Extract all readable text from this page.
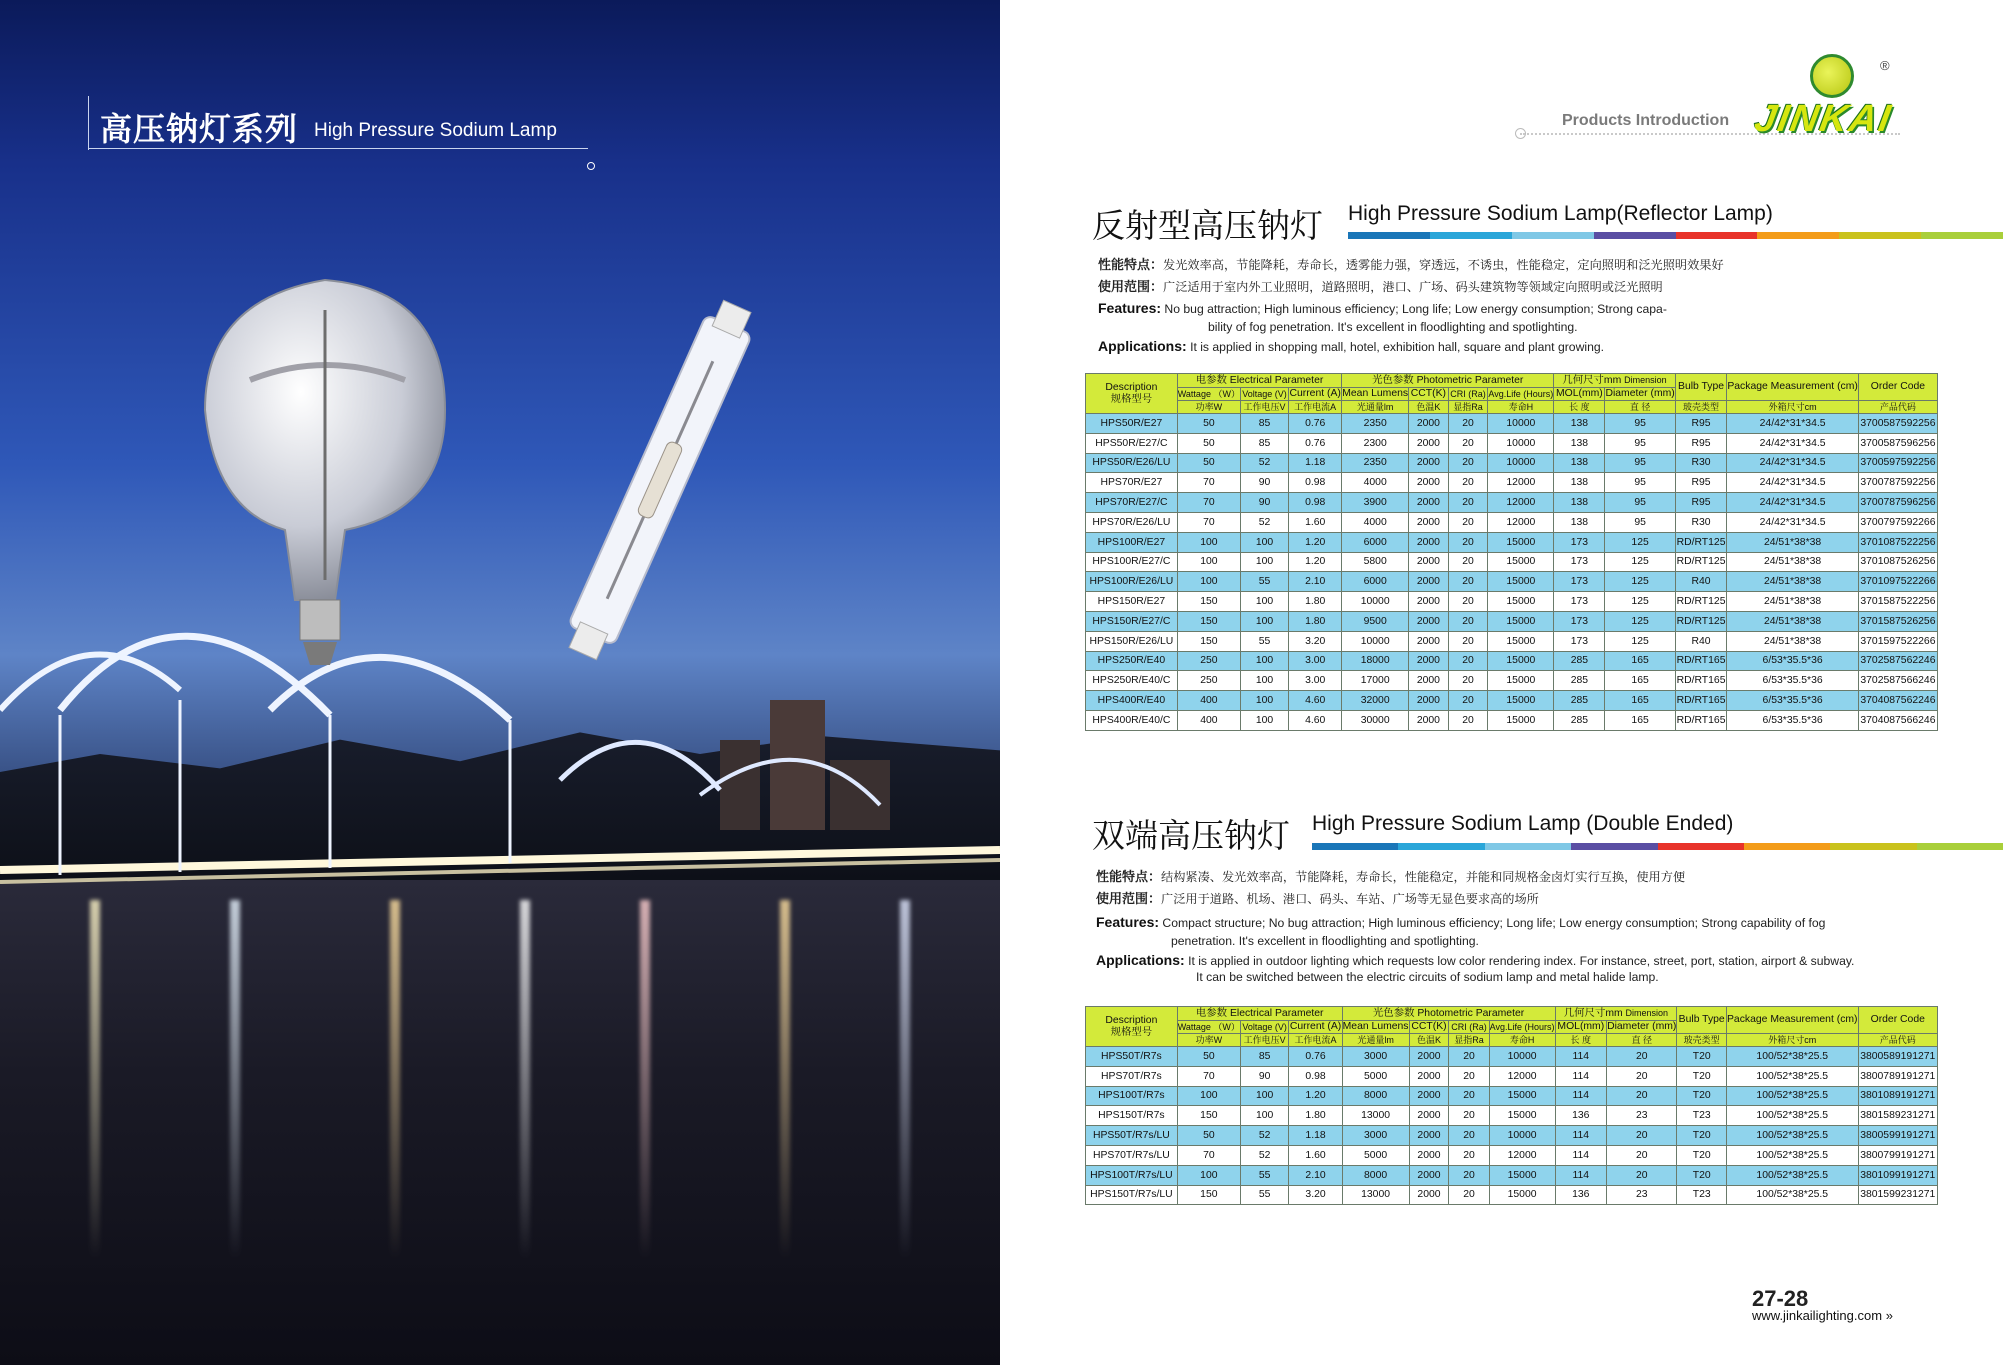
高压钠灯系列 High Pressure Sodium Lamp	Products Introduction JINKAI
®
反射型高压钠灯 High Pressure Sodium Lamp(Reflector Lamp)
性能特点：发光效率高，节能降耗，寿命长，透雾能力强，穿透远，不诱虫，性能稳定，定向照明和泛光照明效果好
使用范围：广泛适用于室内外工业照明，道路照明，港口、广场、码头建筑物等领域定向照明或泛光照明
Features: No bug attraction; High luminous efficiency; Long life; Low energy consumption; Strong capa-
bility of fog penetration. It's excellent in floodlighting and spotlighting.
Applications: It is applied in shopping mall, hotel, exhibition hall, square and plant growing.
Description
规格型号	电参数 Electrical Parameter			光色参数 Photometric Parameter				几何尺寸mm Dimension		Bulb Type	Package Measurement (cm)	Order Code
	Wattage （W）	Voltage (V)	Current (A)	Mean Lumens	CCT(K)	CRI (Ra)	Avg.Life (Hours)	MOL(mm)	Diameter (mm)			
	功率W	工作电压V	工作电流A	光通量lm	色温K	显指Ra	寿命H	长 度	直 径	玻壳类型	外箱尺寸cm	产品代码
HPS50R/E27	50	85	0.76	2350	2000	20	10000	138	95	R95	24/42*31*34.5	3700587592256
HPS50R/E27/C	50	85	0.76	2300	2000	20	10000	138	95	R95	24/42*31*34.5	3700587596256
HPS50R/E26/LU	50	52	1.18	2350	2000	20	10000	138	95	R30	24/42*31*34.5	3700597592256
HPS70R/E27	70	90	0.98	4000	2000	20	12000	138	95	R95	24/42*31*34.5	3700787592256
HPS70R/E27/C	70	90	0.98	3900	2000	20	12000	138	95	R95	24/42*31*34.5	3700787596256
HPS70R/E26/LU	70	52	1.60	4000	2000	20	12000	138	95	R30	24/42*31*34.5	3700797592266
HPS100R/E27	100	100	1.20	6000	2000	20	15000	173	125	RD/RT125	24/51*38*38	3701087522256
HPS100R/E27/C	100	100	1.20	5800	2000	20	15000	173	125	RD/RT125	24/51*38*38	3701087526256
HPS100R/E26/LU	100	55	2.10	6000	2000	20	15000	173	125	R40	24/51*38*38	3701097522266
HPS150R/E27	150	100	1.80	10000	2000	20	15000	173	125	RD/RT125	24/51*38*38	3701587522256
HPS150R/E27/C	150	100	1.80	9500	2000	20	15000	173	125	RD/RT125	24/51*38*38	3701587526256
HPS150R/E26/LU	150	55	3.20	10000	2000	20	15000	173	125	R40	24/51*38*38	3701597522266
HPS250R/E40	250	100	3.00	18000	2000	20	15000	285	165	RD/RT165	6/53*35.5*36	3702587562246
HPS250R/E40/C	250	100	3.00	17000	2000	20	15000	285	165	RD/RT165	6/53*35.5*36	3702587566246
HPS400R/E40	400	100	4.60	32000	2000	20	15000	285	165	RD/RT165	6/53*35.5*36	3704087562246
HPS400R/E40/C	400	100	4.60	30000	2000	20	15000	285	165	RD/RT165	6/53*35.5*36	3704087566246
双端高压钠灯 High Pressure Sodium Lamp (Double Ended)
性能特点：结构紧凑、发光效率高，节能降耗，寿命长，性能稳定，并能和同规格金卤灯实行互换，使用方便
使用范围：广泛用于道路、机场、港口、码头、车站、广场等无显色要求高的场所
Features: Compact structure; No bug attraction; High luminous efficiency; Long life; Low energy consumption; Strong capability of fog
penetration. It's excellent in floodlighting and spotlighting.
Applications: It is applied in outdoor lighting which requests low color rendering index. For instance, street, port, station, airport & subway.
It can be switched between the electric circuits of sodium lamp and metal halide lamp.
Description
规格型号	电参数 Electrical Parameter			光色参数 Photometric Parameter				几何尺寸mm Dimension		Bulb Type	Package Measurement (cm)	Order Code
	Wattage （W）	Voltage (V)	Current (A)	Mean Lumens	CCT(K)	CRI (Ra)	Avg.Life (Hours)	MOL(mm)	Diameter (mm)			
	功率W	工作电压V	工作电流A	光通量lm	色温K	显指Ra	寿命H	长 度	直 径	玻壳类型	外箱尺寸cm	产品代码
HPS50T/R7s	50	85	0.76	3000	2000	20	10000	114	20	T20	100/52*38*25.5	3800589191271
HPS70T/R7s	70	90	0.98	5000	2000	20	12000	114	20	T20	100/52*38*25.5	3800789191271
HPS100T/R7s	100	100	1.20	8000	2000	20	15000	114	20	T20	100/52*38*25.5	3801089191271
HPS150T/R7s	150	100	1.80	13000	2000	20	15000	136	23	T23	100/52*38*25.5	3801589231271
HPS50T/R7s/LU	50	52	1.18	3000	2000	20	10000	114	20	T20	100/52*38*25.5	3800599191271
HPS70T/R7s/LU	70	52	1.60	5000	2000	20	12000	114	20	T20	100/52*38*25.5	3800799191271
HPS100T/R7s/LU	100	55	2.10	8000	2000	20	15000	114	20	T20	100/52*38*25.5	3801099191271
HPS150T/R7s/LU	150	55	3.20	13000	2000	20	15000	136	23	T23	100/52*38*25.5	3801599231271
27-28
www.jinkailighting.com »
